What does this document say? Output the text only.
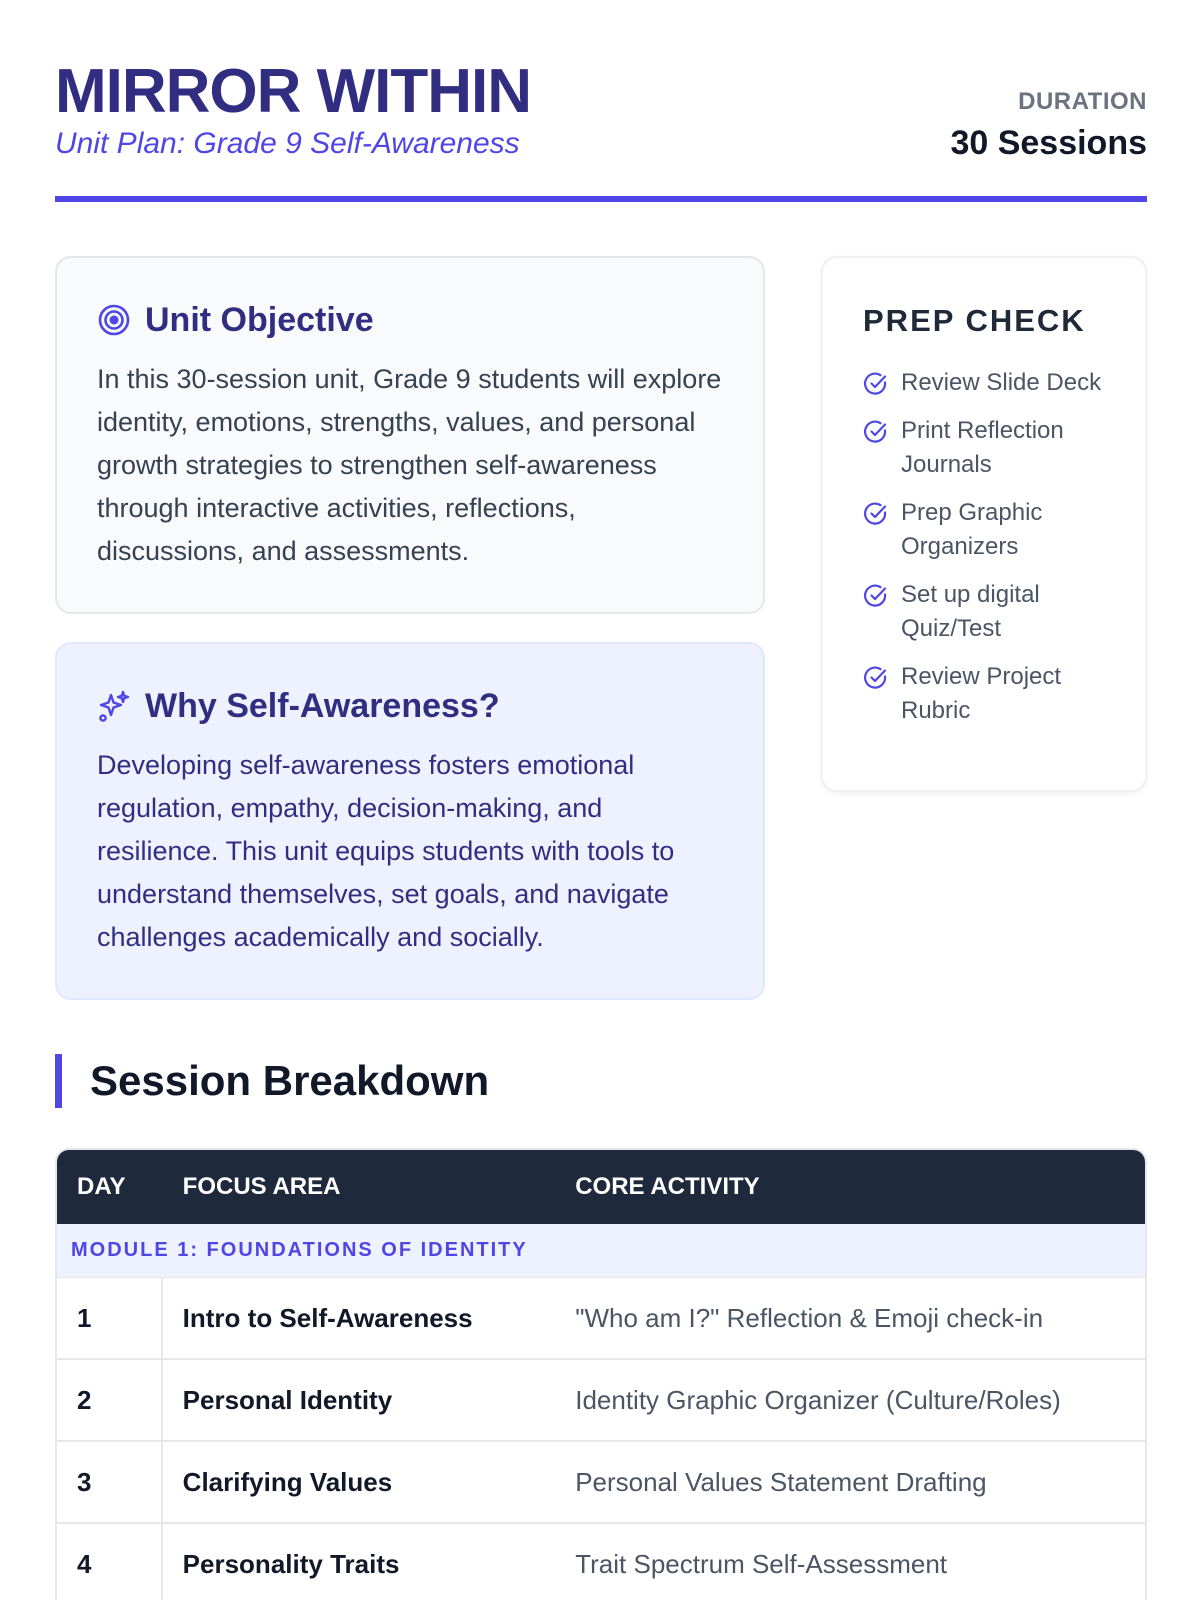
MIRROR WITHIN
Unit Plan: Grade 9 Self-Awareness
DURATION
30 Sessions
Unit Objective

In this 30-session unit, Grade 9 students will explore identity, emotions, strengths, values, and personal growth strategies to strengthen self-awareness through interactive activities, reflections, discussions, and assessments.

Why Self-Awareness?

Developing self-awareness fosters emotional regulation, empathy, decision-making, and resilience. This unit equips students with tools to understand themselves, set goals, and navigate challenges academically and socially.

PREP CHECK
Review Slide Deck
Print Reflection Journals
Prep Graphic Organizers
Set up digital Quiz/Test
Review Project Rubric
Session Breakdown
DAY	FOCUS AREA	CORE ACTIVITY
MODULE 1: FOUNDATIONS OF IDENTITY
1	Intro to Self-Awareness	"Who am I?" Reflection & Emoji check-in
2	Personal Identity	Identity Graphic Organizer (Culture/Roles)
3	Clarifying Values	Personal Values Statement Drafting
4	Personality Traits	Trait Spectrum Self-Assessment
